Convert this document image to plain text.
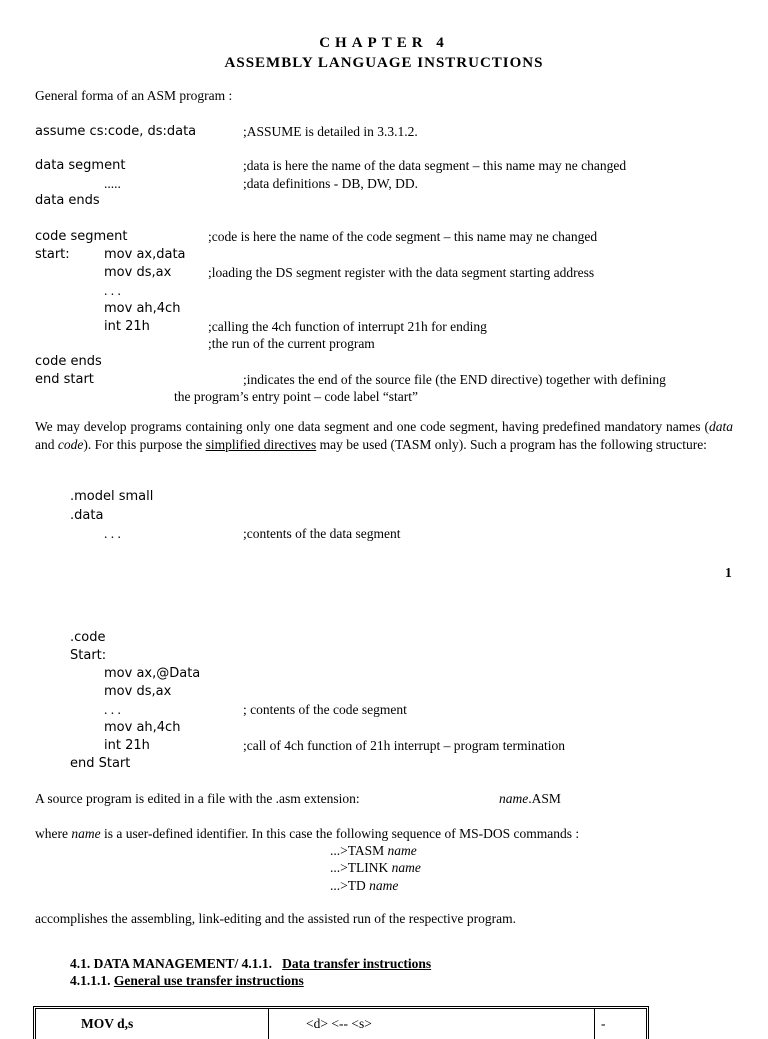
CHAPTER 4
ASSEMBLY LANGUAGE INSTRUCTIONS
General forma of an ASM program :
assume cs:code, ds:data	;ASSUME is detailed in 3.3.1.2.
data segment	;data is here the name of the data segment – this name may ne changed
.....	;data definitions - DB, DW, DD.
data ends
code segment	;code is here the name of the code segment – this name may ne changed
start:	mov ax,data
mov ds,ax	;loading the DS segment register with the data segment starting address
. . .
mov ah,4ch
int 21h	;calling the 4ch function of interrupt 21h for ending
;the run of the current program
code ends
end start	;indicates the end of the source file (the END directive) together with defining
the program’s entry point – code label “start”
We may develop programs containing only one data segment and one code segment, having predefined mandatory names (data and code). For this purpose the simplified directives may be used (TASM only). Such a program has the following structure:
.model small
.data
. . .	;contents of the data segment
1
.code
Start:
mov ax,@Data
mov ds,ax
. . .	; contents of the code segment
mov ah,4ch
int 21h	;call of 4ch function of 21h interrupt – program termination
end Start
A source program is edited in a file with the .asm extension:	name.ASM
where name is a user-defined identifier. In this case the following sequence of MS-DOS commands :
...>TASM name
...>TLINK name
...>TD name
accomplishes the assembling, link-editing and the assisted run of the respective program.
4.1. DATA MANAGEMENT/ 4.1.1. Data transfer instructions
4.1.1.1. General use transfer instructions
MOV d,s	<d> <-- <s>	-
